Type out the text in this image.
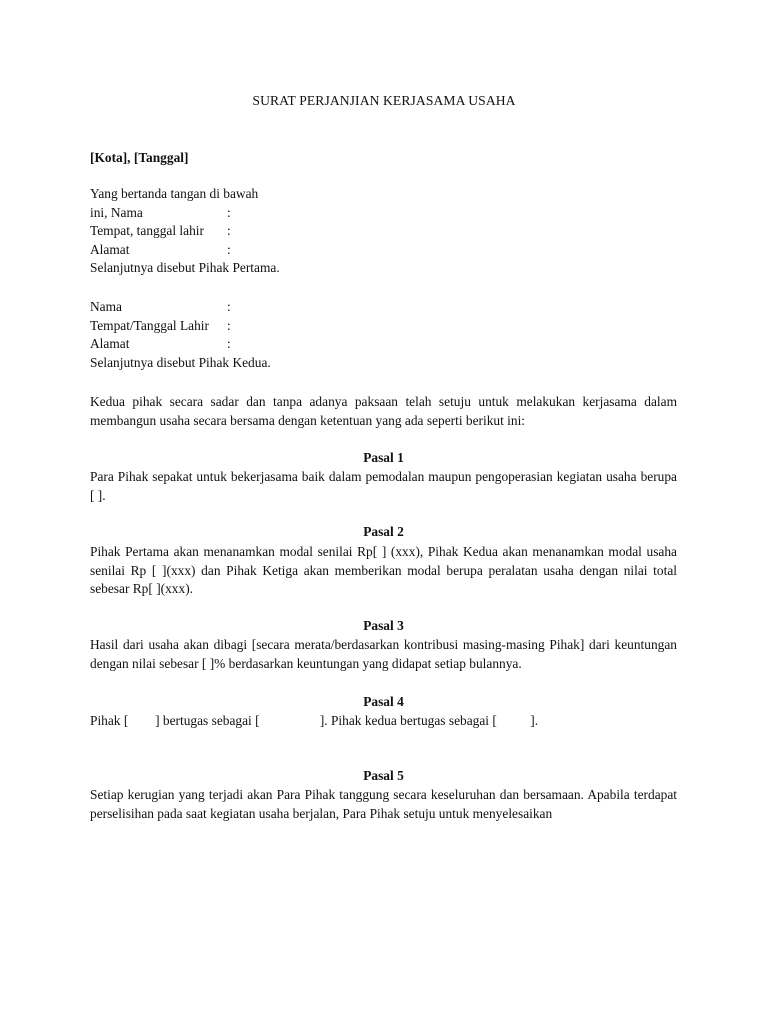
SURAT PERJANJIAN KERJASAMA USAHA
[Kota], [Tanggal]
Yang bertanda tangan di bawah
ini, Nama	:
Tempat, tanggal lahir	:
Alamat	:
Selanjutnya disebut Pihak Pertama.
Nama	:
Tempat/Tanggal Lahir	:
Alamat	:
Selanjutnya disebut Pihak Kedua.
Kedua pihak secara sadar dan tanpa adanya paksaan telah setuju untuk melakukan kerjasama dalam membangun usaha secara bersama dengan ketentuan yang ada seperti berikut ini:
Pasal 1
Para Pihak sepakat untuk bekerjasama baik dalam pemodalan maupun pengoperasian kegiatan usaha berupa [ ].
Pasal 2
Pihak Pertama akan menanamkan modal senilai Rp[ ] (xxx), Pihak Kedua akan menanamkan modal usaha senilai Rp [ ](xxx) dan Pihak Ketiga akan memberikan modal berupa peralatan usaha dengan nilai total sebesar Rp[ ](xxx).
Pasal 3
Hasil dari usaha akan dibagi [secara merata/berdasarkan kontribusi masing-masing Pihak] dari keuntungan dengan nilai sebesar [ ]% berdasarkan keuntungan yang didapat setiap bulannya.
Pasal 4
Pihak [        ] bertugas sebagai [                  ]. Pihak kedua bertugas sebagai [          ].
Pasal 5
Setiap kerugian yang terjadi akan Para Pihak tanggung secara keseluruhan dan bersamaan. Apabila terdapat perselisihan pada saat kegiatan usaha berjalan, Para Pihak setuju untuk menyelesaikan
